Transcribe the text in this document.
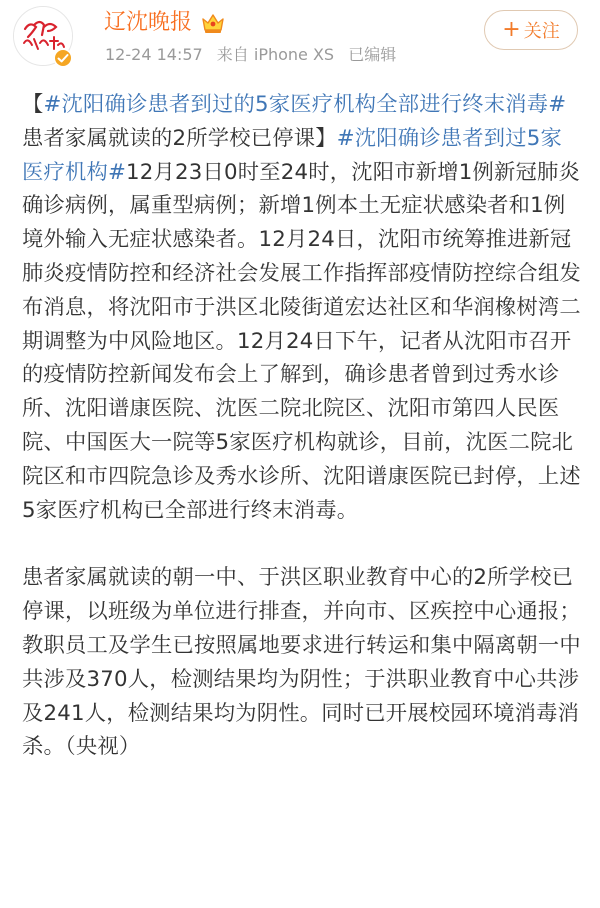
辽沈晚报
12-24 14:57 来自 iPhone XS 已编辑
+ 关注

【#沈阳确诊患者到过的5家医疗机构全部进行终末消毒# 患者家属就读的2所学校已停课】#沈阳确诊患者到过5家医疗机构#12月23日0时至24时，沈阳市新增1例新冠肺炎确诊病例，属重型病例；新增1例本土无症状感染者和1例境外输入无症状感染者。12月24日，沈阳市统筹推进新冠肺炎疫情防控和经济社会发展工作指挥部疫情防控综合组发布消息，将沈阳市于洪区北陵街道宏达社区和华润橡树湾二期调整为中风险地区。12月24日下午，记者从沈阳市召开的疫情防控新闻发布会上了解到，确诊患者曾到过秀水诊所、沈阳谱康医院、沈医二院北院区、沈阳市第四人民医院、中国医大一院等5家医疗机构就诊，目前，沈医二院北院区和市四院急诊及秀水诊所、沈阳谱康医院已封停，上述5家医疗机构已全部进行终末消毒。

患者家属就读的朝一中、于洪区职业教育中心的2所学校已停课，以班级为单位进行排查，并向市、区疾控中心通报；教职员工及学生已按照属地要求进行转运和集中隔离朝一中共涉及370人，检测结果均为阴性；于洪职业教育中心共涉及241人，检测结果均为阴性。同时已开展校园环境消毒消杀。（央视）
